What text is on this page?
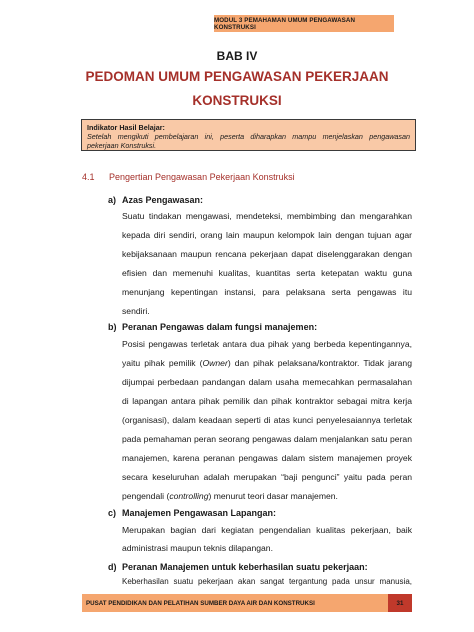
MODUL 3 PEMAHAMAN UMUM PENGAWASAN KONSTRUKSI
BAB IV
PEDOMAN UMUM PENGAWASAN PEKERJAAN
KONSTRUKSI
Indikator Hasil Belajar:
Setelah mengikuti pembelajaran ini, peserta diharapkan mampu menjelaskan pengawasan
pekerjaan Konstruksi.
4.1 Pengertian Pengawasan Pekerjaan Konstruksi
a) Azas Pengawasan:
Suatu tindakan mengawasi, mendeteksi, membimbing dan mengarahkan
kepada diri sendiri, orang lain maupun kelompok lain dengan tujuan agar
kebijaksanaan maupun rencana pekerjaan dapat diselenggarakan dengan
efisien dan memenuhi kualitas, kuantitas serta ketepatan waktu guna
menunjang kepentingan instansi, para pelaksana serta pengawas itu
sendiri.
b) Peranan Pengawas dalam fungsi manajemen:
Posisi pengawas terletak antara dua pihak yang berbeda kepentingannya,
yaitu pihak pemilik (Owner) dan pihak pelaksana/kontraktor. Tidak jarang
dijumpai perbedaan pandangan dalam usaha memecahkan permasalahan
di lapangan antara pihak pemilik dan pihak kontraktor sebagai mitra kerja
(organisasi), dalam keadaan seperti di atas kunci penyelesaiannya terletak
pada pemahaman peran seorang pengawas dalam menjalankan satu peran
manajemen, karena peranan pengawas dalam sistem manajemen proyek
secara keseluruhan adalah merupakan “baji pengunci” yaitu pada peran
pengendali (controlling) menurut teori dasar manajemen.
c) Manajemen Pengawasan Lapangan:
Merupakan bagian dari kegiatan pengendalian kualitas pekerjaan, baik
administrasi maupun teknis dilapangan.
d) Peranan Manajemen untuk keberhasilan suatu pekerjaan:
Keberhasilan suatu pekerjaan akan sangat tergantung pada unsur manusia,
PUSAT PENDIDIKAN DAN PELATIHAN SUMBER DAYA AIR DAN KONSTRUKSI	31
